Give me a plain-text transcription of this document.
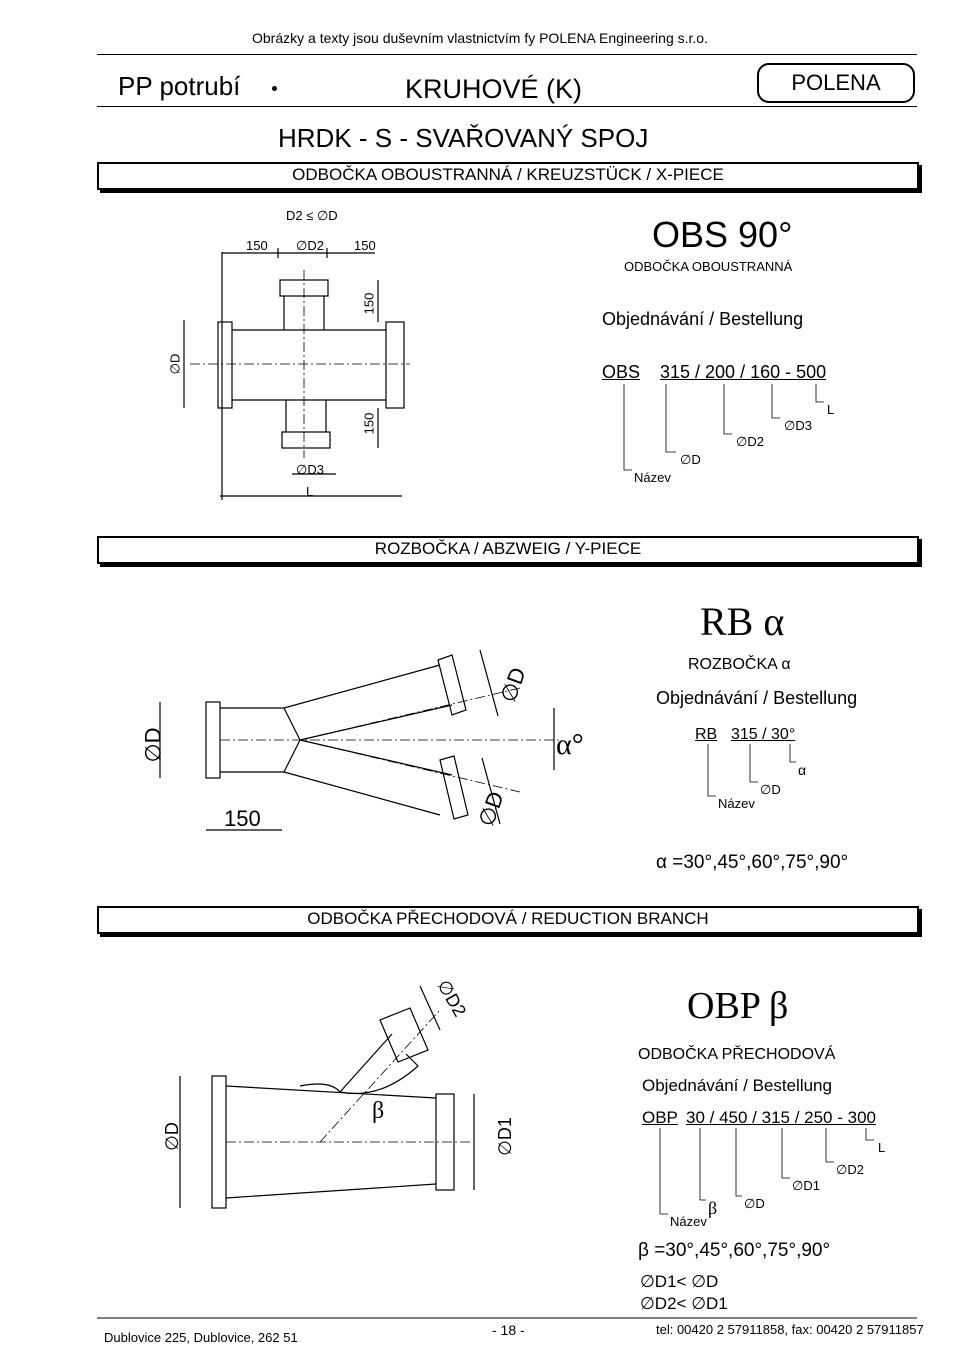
Obrázky a texty jsou duševním vlastnictvím fy POLENA Engineering s.r.o.
PP potrubí	KRUHOVÉ (K)	POLENA
HRDK - S - SVAŘOVANÝ SPOJ
ODBOČKA OBOUSTRANNÁ / KREUZSTÜCK / X-PIECE
OBS 90°
ODBOČKA OBOUSTRANNÁ
Objednávání / Bestellung
OBS 315 / 200 / 160 - 500
Název
∅D
∅D2
∅D3
L
D2 ≤ ∅D
150 ∅D2 150
150
150
∅D
∅D3
L
ROZBOČKA / ABZWEIG / Y-PIECE
RB α
ROZBOČKA α
Objednávání / Bestellung
RB 315 / 30°
Název
∅D
α
α =30°,45°,60°,75°,90°
∅D
150
∅D
∅D
α°
ODBOČKA PŘECHODOVÁ / REDUCTION BRANCH
OBP β
ODBOČKA PŘECHODOVÁ
Objednávání / Bestellung
OBP 30 / 450 / 315 / 250 - 300
Název
β ∅D
∅D1
∅D2
L
β =30°,45°,60°,75°,90°
∅D1< ∅D
∅D2< ∅D1
∅D	∅D1
∅D2
β
Dublovice 225, Dublovice, 262 51	- 18 -	tel: 00420 2 57911858, fax: 00420 2 57911857
